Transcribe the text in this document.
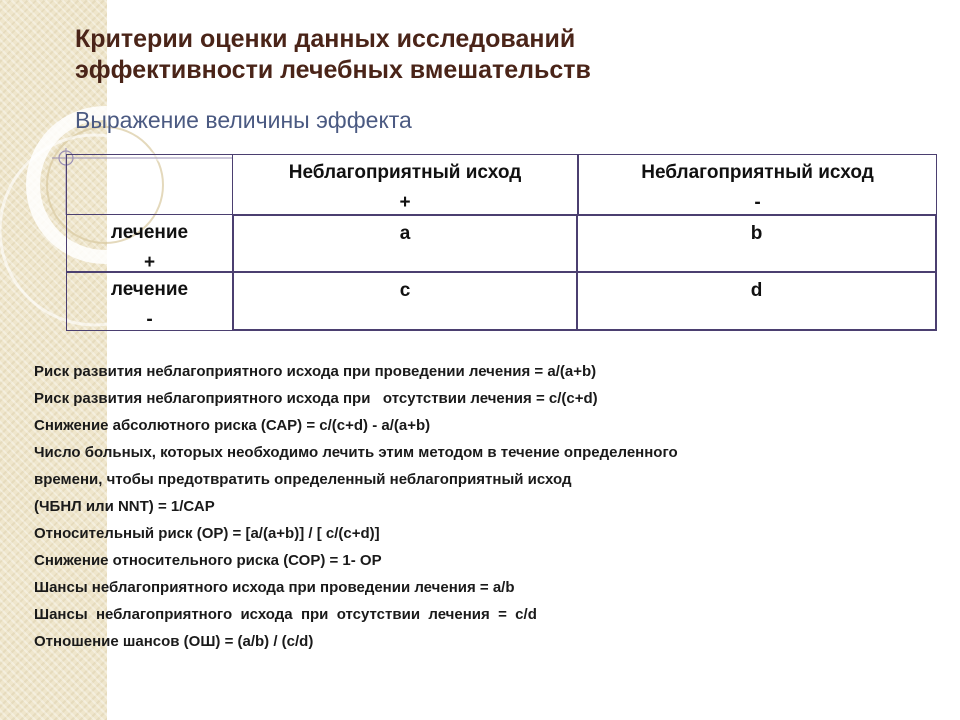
Критерии оценки данных исследований
эффективности лечебных вмешательств
Выражение величины эффекта
Неблагоприятный исход
+
Неблагоприятный исход
-
лечение
+
a	b
лечение
-
c	d
Риск развития неблагоприятного исхода при проведении лечения = a/(a+b)
Риск развития неблагоприятного исхода при   отсутствии лечения = c/(c+d)
Снижение абсолютного риска (САР) = c/(c+d) - a/(a+b)
Число больных, которых необходимо лечить этим методом в течение определенного
времени, чтобы предотвратить определенный неблагоприятный исход
(ЧБНЛ или NNT) = 1/САР
Относительный риск (ОР) = [a/(a+b)] / [ c/(c+d)]
Снижение относительного риска (СОР) = 1- ОР
Шансы неблагоприятного исхода при проведении лечения = a/b
Шансы  неблагоприятного  исхода  при  отсутствии  лечения  =  c/d
Отношение шансов (ОШ) = (a/b) / (c/d)
